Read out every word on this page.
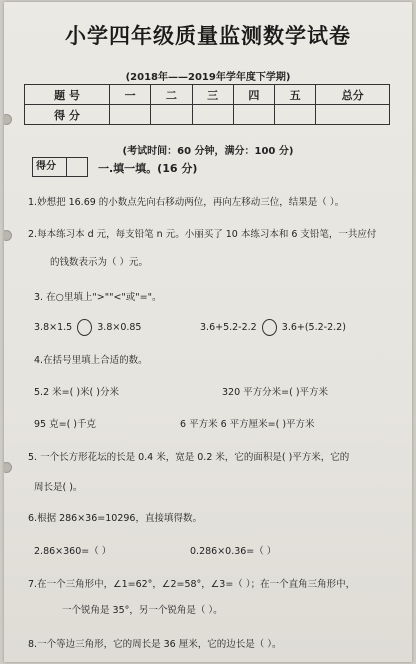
小学四年级质量监测数学试卷
(2018年——2019年学年度下学期)
题 号	一	二	三	四	五	总分
得 分						
(考试时间：60 分钟，满分：100 分)
得分	一.填一填。(16 分)
1.妙想把 16.69 的小数点先向右移动两位，再向左移动三位，结果是（ ）。
2.每本练习本 d 元，每支铅笔 n 元。小丽买了 10 本练习本和 6 支铅笔，一共应付
的钱数表示为（ ）元。
3. 在○里填上">""<"或"="。
3.8×1.5	3.8×0.85	3.6+5.2-2.2	3.6+(5.2-2.2)
4.在括号里填上合适的数。
5.2 米=( )米( )分米	320 平方分米=( )平方米
95 克=( )千克	6 平方米 6 平方厘米=( )平方米
5. 一个长方形花坛的长是 0.4 米，宽是 0.2 米，它的面积是( )平方米，它的
周长是( )。
6.根据 286×36=10296，直接填得数。
2.86×360=（ ）	0.286×0.36=（ ）
7.在一个三角形中，∠1=62°，∠2=58°，∠3=（ ）；在一个直角三角形中，
一个锐角是 35°，另一个锐角是（ ）。
8.一个等边三角形，它的周长是 36 厘米，它的边长是（ ）。
